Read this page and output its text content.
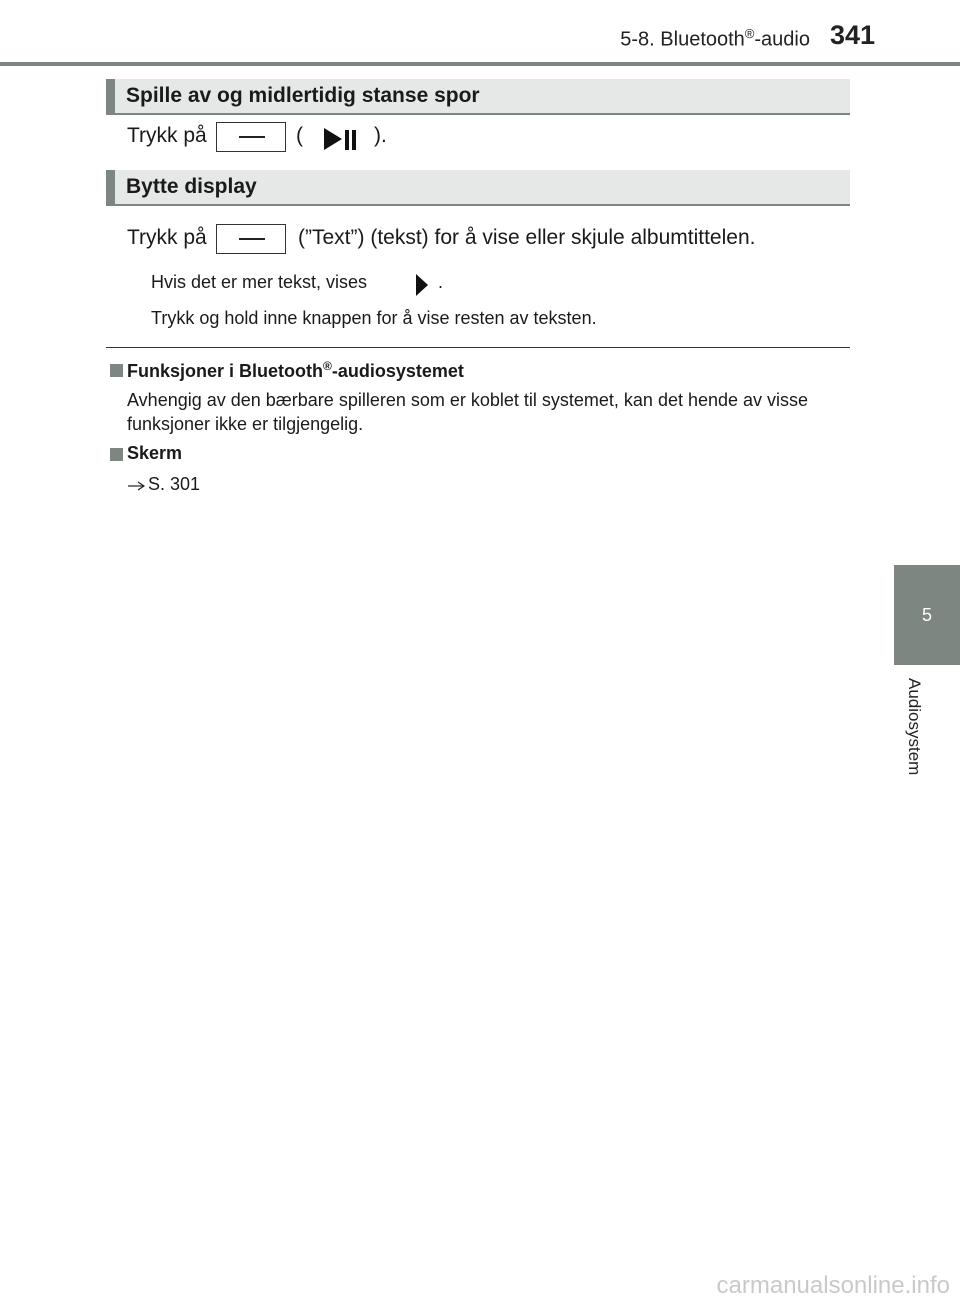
5-8. Bluetooth®-audio 341
5
Audiosystem
Spille av og midlertidig stanse spor
Trykk på	(	).
Bytte display
Trykk på	(”Text”) (tekst) for å vise eller skjule albumtittelen.
Hvis det er mer tekst, vises	.
Trykk og hold inne knappen for å vise resten av teksten.
Funksjoner i Bluetooth®-audiosystemet
Avhengig av den bærbare spilleren som er koblet til systemet, kan det hende av visse funksjoner ikke er tilgjengelig.
Skerm
S. 301
carmanualsonline.info
